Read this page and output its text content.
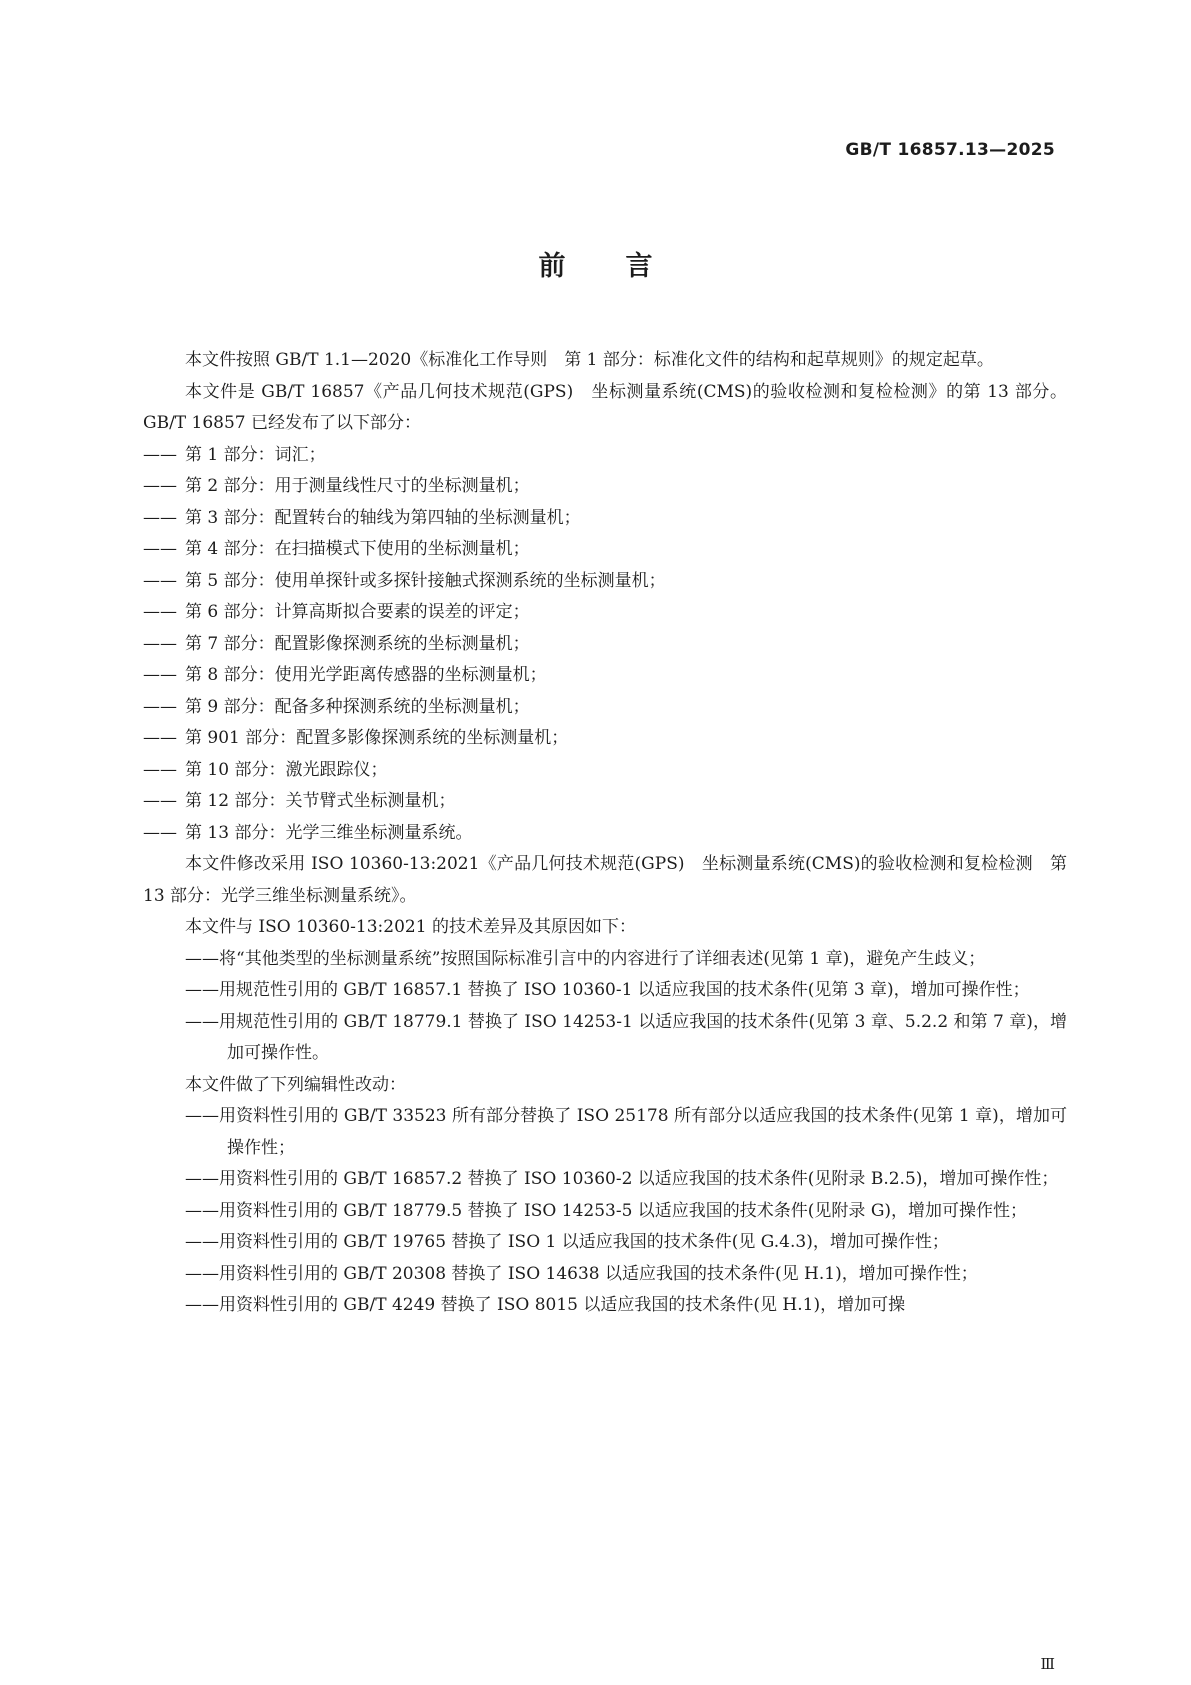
GB/T 16857.13—2025
前言

本文件按照 GB/T 1.1—2020《标准化工作导则　第 1 部分：标准化文件的结构和起草规则》的规定起草。

本文件是 GB/T 16857《产品几何技术规范(GPS)　坐标测量系统(CMS)的验收检测和复检检测》的第 13 部分。GB/T 16857 已经发布了以下部分：

—— 第 1 部分：词汇；

—— 第 2 部分：用于测量线性尺寸的坐标测量机；

—— 第 3 部分：配置转台的轴线为第四轴的坐标测量机；

—— 第 4 部分：在扫描模式下使用的坐标测量机；

—— 第 5 部分：使用单探针或多探针接触式探测系统的坐标测量机；

—— 第 6 部分：计算高斯拟合要素的误差的评定；

—— 第 7 部分：配置影像探测系统的坐标测量机；

—— 第 8 部分：使用光学距离传感器的坐标测量机；

—— 第 9 部分：配备多种探测系统的坐标测量机；

—— 第 901 部分：配置多影像探测系统的坐标测量机；

—— 第 10 部分：激光跟踪仪；

—— 第 12 部分：关节臂式坐标测量机；

—— 第 13 部分：光学三维坐标测量系统。

本文件修改采用 ISO 10360-13:2021《产品几何技术规范(GPS)　坐标测量系统(CMS)的验收检测和复检检测　第 13 部分：光学三维坐标测量系统》。

本文件与 ISO 10360-13:2021 的技术差异及其原因如下：

——将“其他类型的坐标测量系统”按照国际标准引言中的内容进行了详细表述(见第 1 章)，避免产生歧义；

——用规范性引用的 GB/T 16857.1 替换了 ISO 10360-1 以适应我国的技术条件(见第 3 章)，增加可操作性；

——用规范性引用的 GB/T 18779.1 替换了 ISO 14253-1 以适应我国的技术条件(见第 3 章、5.2.2 和第 7 章)，增加可操作性。

本文件做了下列编辑性改动：

——用资料性引用的 GB/T 33523 所有部分替换了 ISO 25178 所有部分以适应我国的技术条件(见第 1 章)，增加可操作性；

——用资料性引用的 GB/T 16857.2 替换了 ISO 10360-2 以适应我国的技术条件(见附录 B.2.5)，增加可操作性；

——用资料性引用的 GB/T 18779.5 替换了 ISO 14253-5 以适应我国的技术条件(见附录 G)，增加可操作性；

——用资料性引用的 GB/T 19765 替换了 ISO 1 以适应我国的技术条件(见 G.4.3)，增加可操作性；

——用资料性引用的 GB/T 20308 替换了 ISO 14638 以适应我国的技术条件(见 H.1)，增加可操作性；

——用资料性引用的 GB/T 4249 替换了 ISO 8015 以适应我国的技术条件(见 H.1)，增加可操

Ⅲ
